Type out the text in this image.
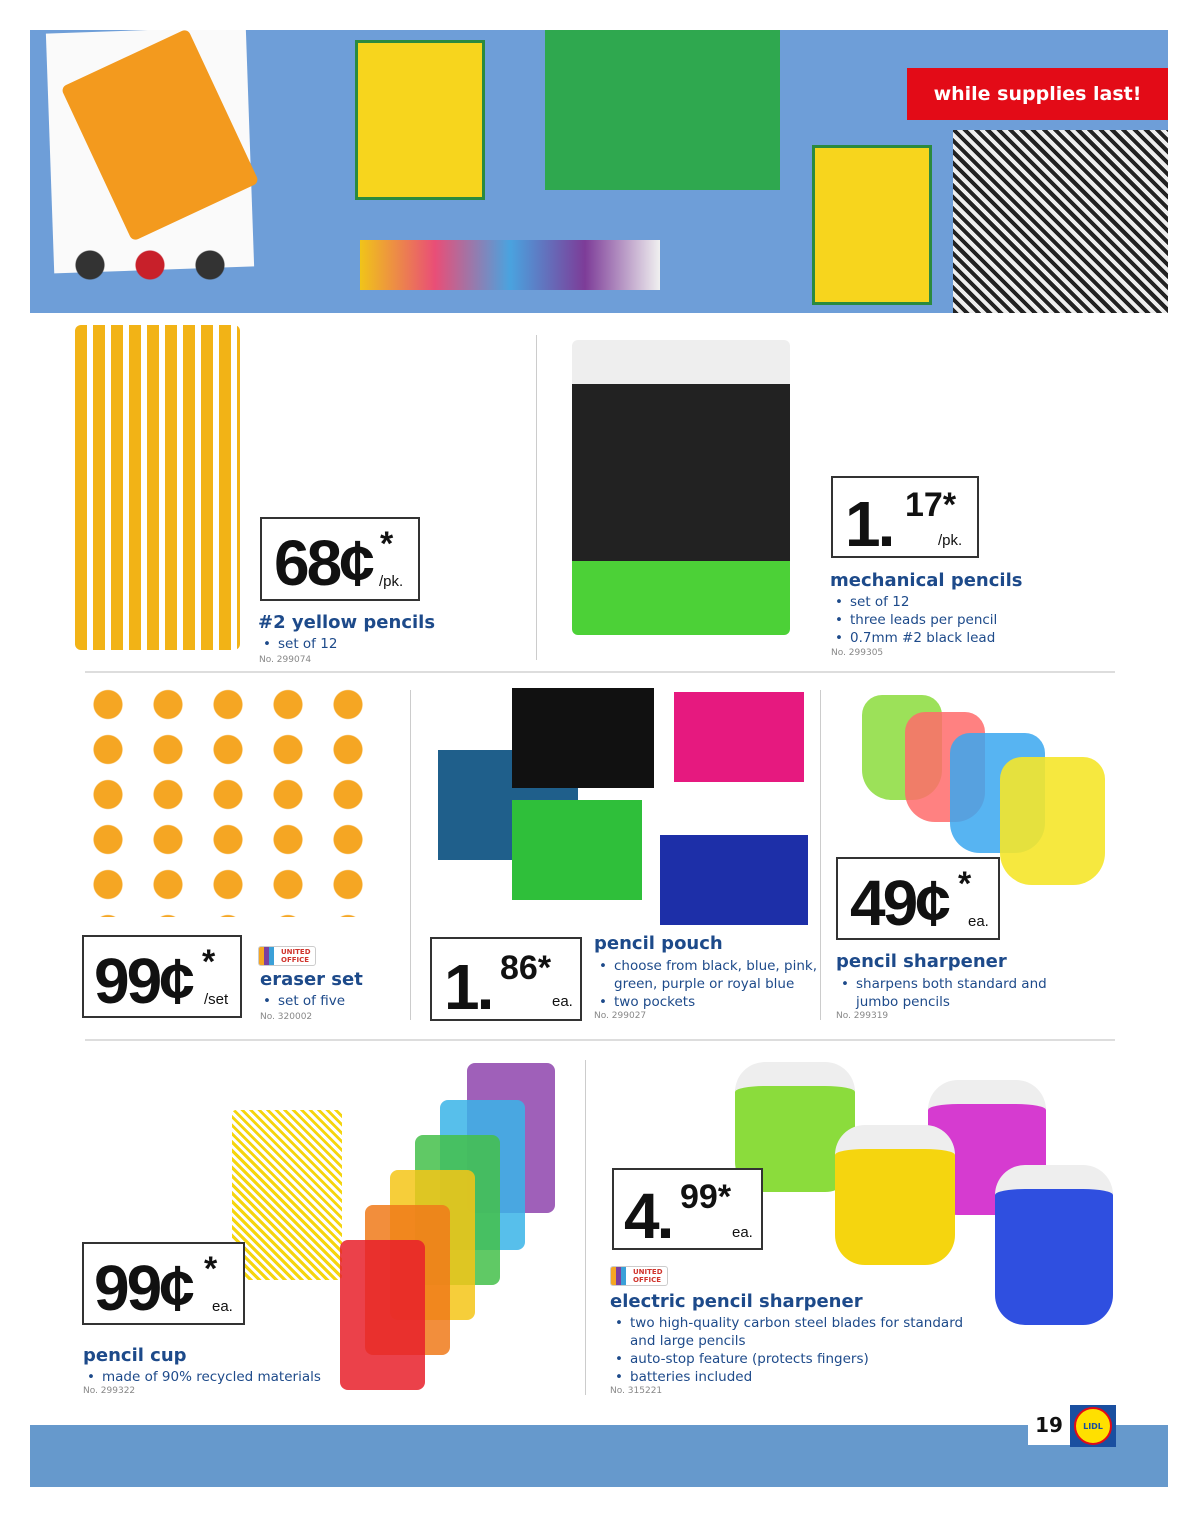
while supplies last!
68¢ *
/pk.
#2 yellow pencils
• set of 12
No. 299074
1. 17*
/pk.
mechanical pencils
• set of 12
• three leads per pencil
• 0.7mm #2 black lead
No. 299305
99¢ *
/set
UNITED OFFICE
eraser set
• set of five
No. 320002 1. 86*
ea.
pencil pouch
• choose from black, blue, pink, green, purple or royal blue
• two pockets
No. 299027
49¢ *
ea.
pencil sharpener
• sharpens both standard and jumbo pencils
No. 299319
99¢ *
ea.
pencil cup
• made of 90% recycled materials
No. 299322
4. 99*
ea.
UNITED OFFICE
electric pencil sharpener
• two high-quality carbon steel blades for standard and large pencils
• auto-stop feature (protects fingers)
• batteries included
No. 315221
19	LIDL
